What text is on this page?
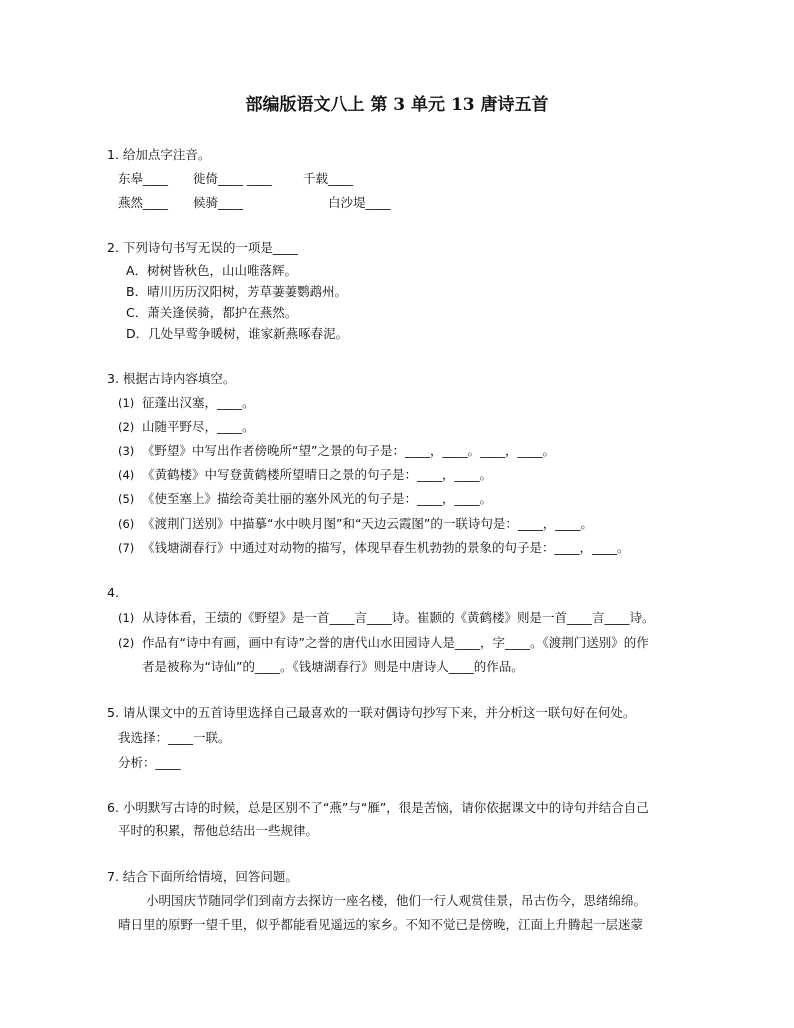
部编版语文八上 第 3 单元 13 唐诗五首
1. 给加点字注音。
东皋____ 徙倚____ ____ 千载____
燕然____ 候骑____	白沙堤____
2. 下列诗句书写无误的一项是____
A．树树皆秋色，山山唯落辉。
B．晴川历历汉阳树，芳草萋萋鹦鹉州。
C．萧关逢侯骑，都护在燕然。
D．几处早莺争暖树，谁家新燕啄春泥。
3. 根据古诗内容填空。
(1) 征蓬出汉塞，____。
(2) 山随平野尽，____。
(3) 《野望》中写出作者傍晚所“望”之景的句子是：____，____。____，____。
(4) 《黄鹤楼》中写登黄鹤楼所望晴日之景的句子是：____，____。
(5) 《使至塞上》描绘奇美壮丽的塞外风光的句子是：____，____。
(6) 《渡荆门送别》中描摹“水中映月图”和“天边云霞图”的一联诗句是：____，____。
(7) 《钱塘湖春行》中通过对动物的描写，体现早春生机勃勃的景象的句子是：____，____。
4.
(1) 从诗体看，王绩的《野望》是一首____言____诗。崔颢的《黄鹤楼》则是一首____言____诗。
(2) 作品有“诗中有画，画中有诗”之誉的唐代山水田园诗人是____，字____。《渡荆门送别》的作
者是被称为“诗仙”的____。《钱塘湖春行》则是中唐诗人____的作品。
5. 请从课文中的五首诗里选择自己最喜欢的一联对偶诗句抄写下来，并分析这一联句好在何处。
我选择：____一联。
分析：____
6. 小明默写古诗的时候，总是区别不了“燕”与“雁”，很是苦恼，请你依据课文中的诗句并结合自己
平时的积累，帮他总结出一些规律。
7. 结合下面所给情境，回答问题。
小明国庆节随同学们到南方去探访一座名楼，他们一行人观赏佳景，吊古伤今，思绪绵绵。
晴日里的原野一望千里，似乎都能看见遥远的家乡。不知不觉已是傍晚，江面上升腾起一层迷蒙
